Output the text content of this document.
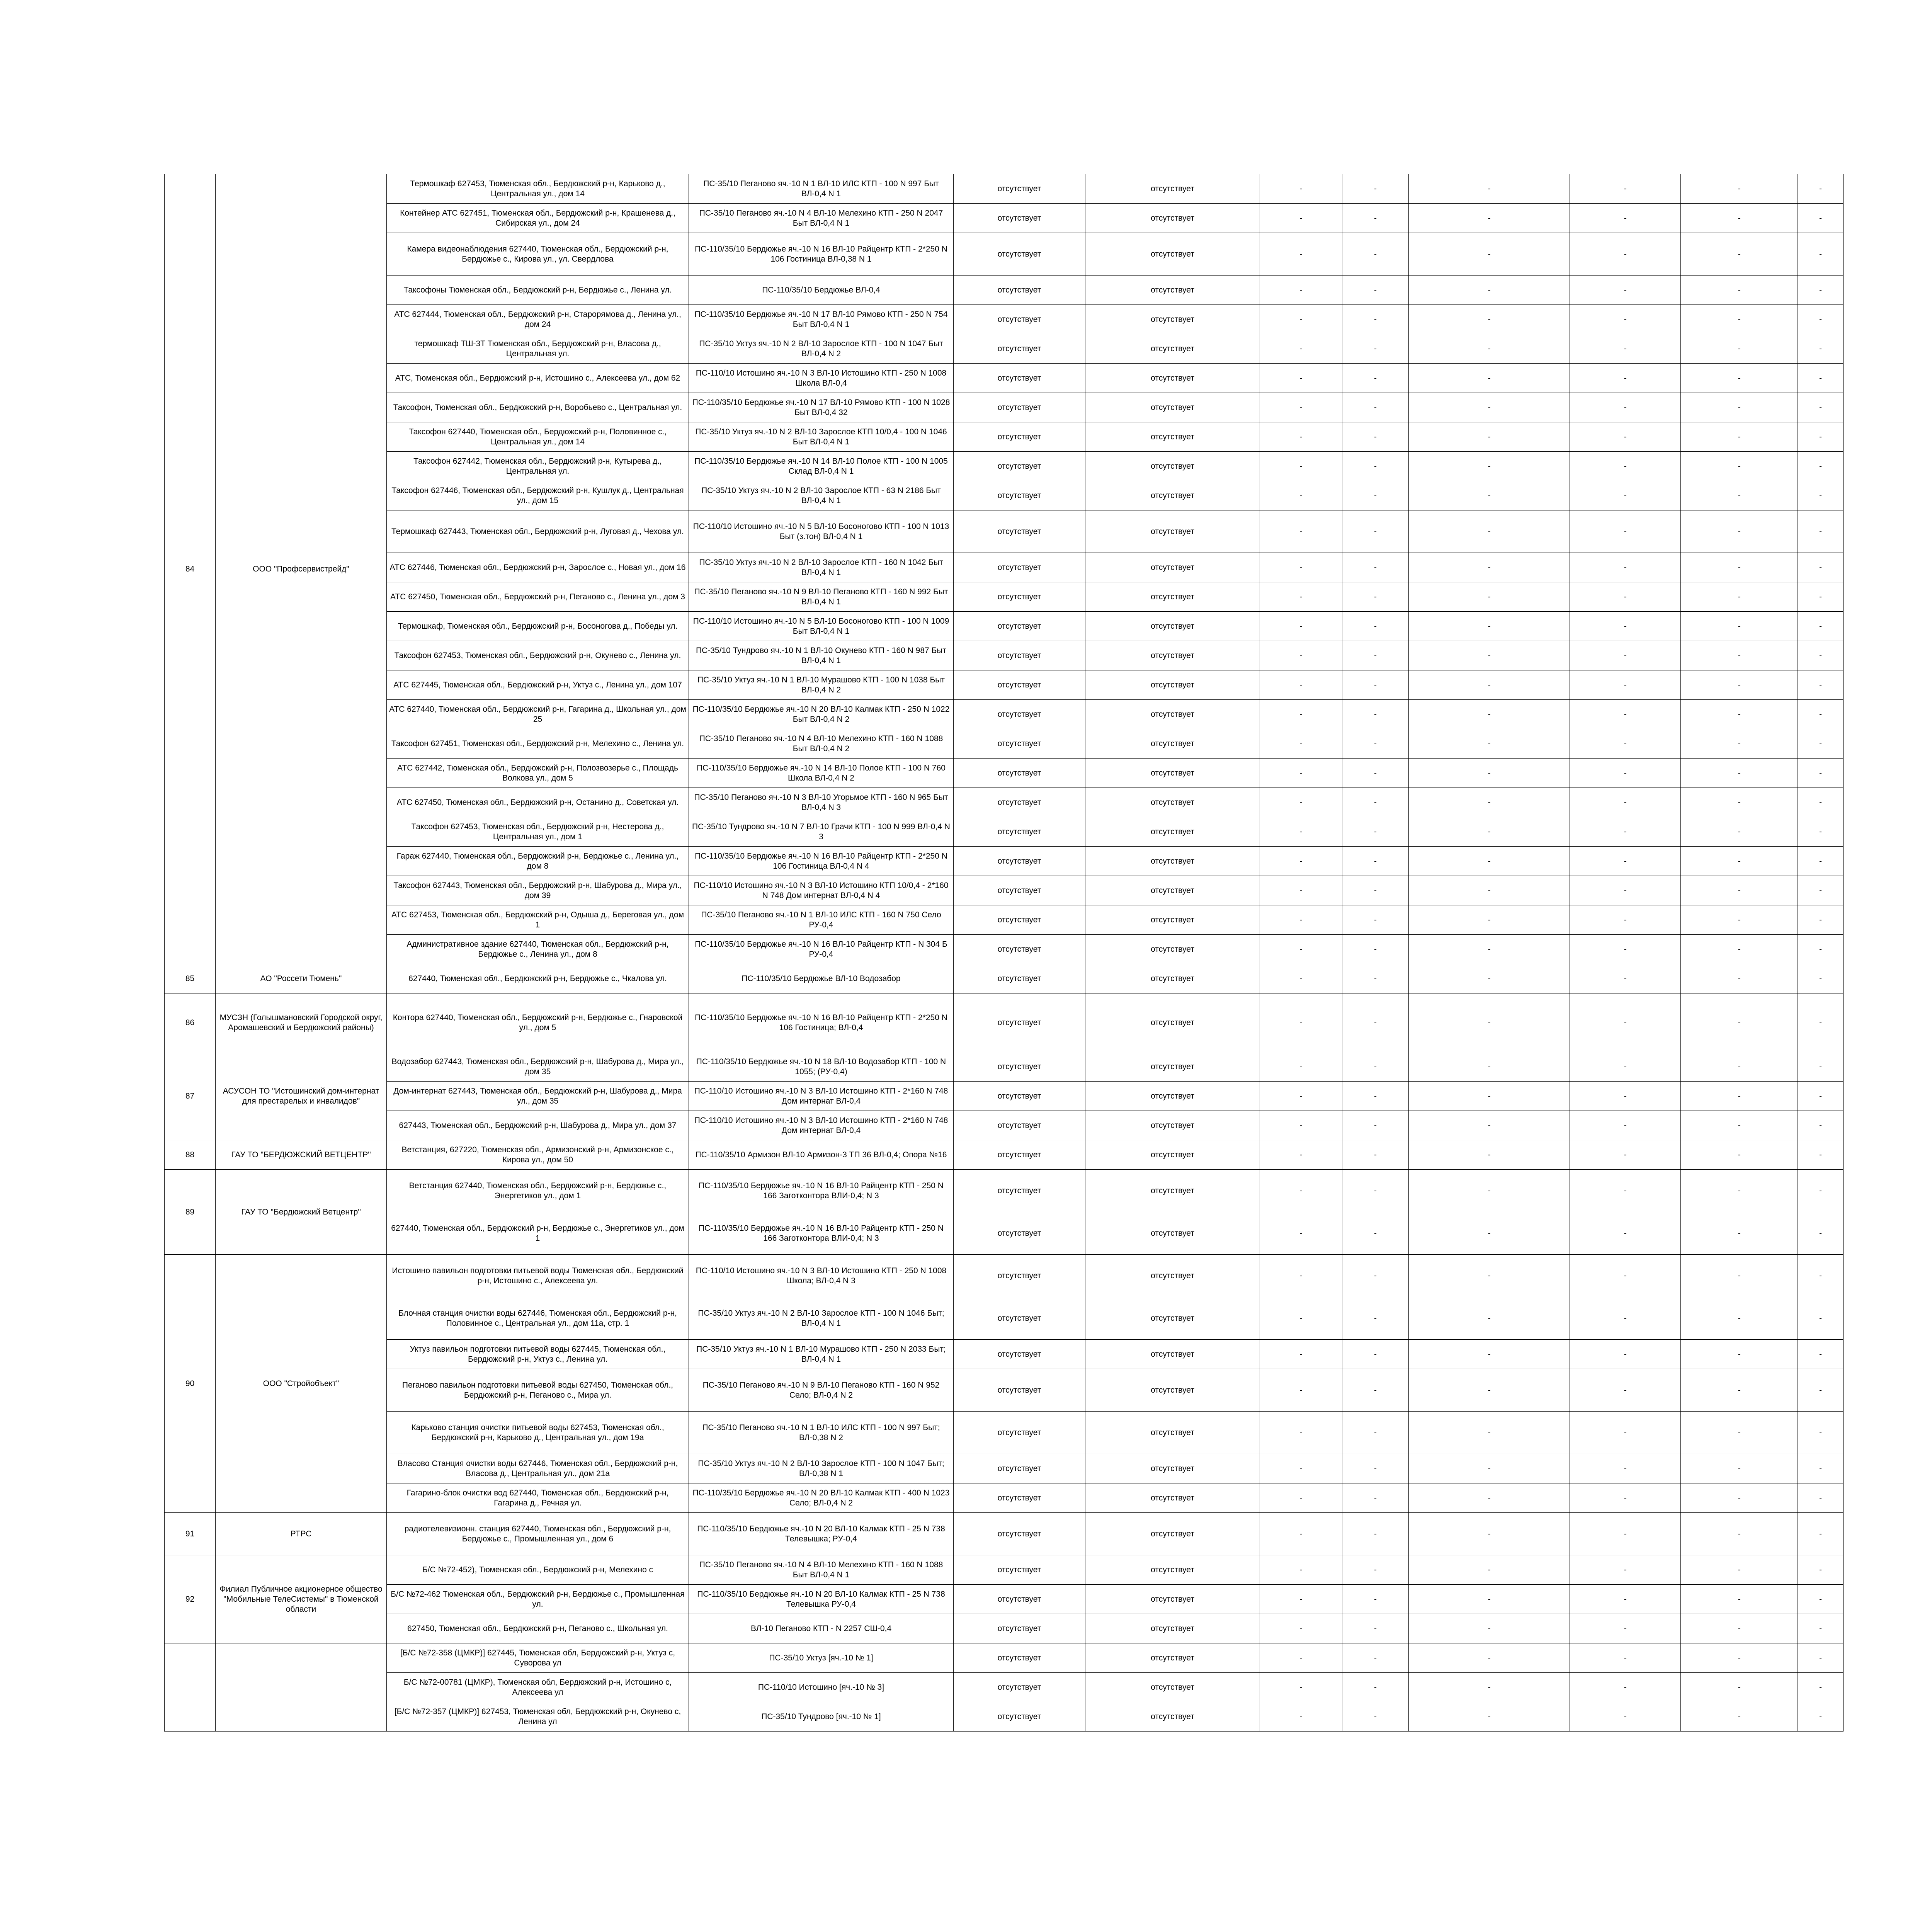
84	ООО "Профсервистрейд"	Термошкаф 627453, Тюменская обл., Бердюжский р-н, Карьково д., Центральная ул., дом 14	ПС-35/10 Пеганово яч.-10 N 1 ВЛ-10 ИЛС КТП - 100 N 997 Быт ВЛ-0,4 N 1	отсутствует	отсутствует	-	-	-	-	-	-
		Контейнер АТС 627451, Тюменская обл., Бердюжский р-н, Крашенева д., Сибирская ул., дом 24	ПС-35/10 Пеганово яч.-10 N 4 ВЛ-10 Мелехино КТП - 250 N 2047 Быт ВЛ-0,4 N 1	отсутствует	отсутствует	-	-	-	-	-	-
		Камера видеонаблюдения 627440, Тюменская обл., Бердюжский р-н, Бердюжье с., Кирова ул., ул. Свердлова	ПС-110/35/10 Бердюжье яч.-10 N 16 ВЛ-10 Райцентр КТП - 2*250 N 106 Гостиница ВЛ-0,38 N 1	отсутствует	отсутствует	-	-	-	-	-	-
		Таксофоны Тюменская обл., Бердюжский р-н, Бердюжье с., Ленина ул.	ПС-110/35/10 Бердюжье ВЛ-0,4	отсутствует	отсутствует	-	-	-	-	-	-
		АТС 627444, Тюменская обл., Бердюжский р-н, Старорямова д., Ленина ул., дом 24	ПС-110/35/10 Бердюжье яч.-10 N 17 ВЛ-10 Рямово КТП - 250 N 754 Быт ВЛ-0,4 N 1	отсутствует	отсутствует	-	-	-	-	-	-
		термошкаф ТШ-3Т Тюменская обл., Бердюжский р-н, Власова д., Центральная ул.	ПС-35/10 Уктуз яч.-10 N 2 ВЛ-10 Зарослое КТП - 100 N 1047 Быт ВЛ-0,4 N 2	отсутствует	отсутствует	-	-	-	-	-	-
		АТС, Тюменская обл., Бердюжский р-н, Истошино с., Алексеева ул., дом 62	ПС-110/10 Истошино яч.-10 N 3 ВЛ-10 Истошино КТП - 250 N 1008 Школа ВЛ-0,4	отсутствует	отсутствует	-	-	-	-	-	-
		Таксофон, Тюменская обл., Бердюжский р-н, Воробьево с., Центральная ул.	ПС-110/35/10 Бердюжье яч.-10 N 17 ВЛ-10 Рямово КТП - 100 N 1028 Быт ВЛ-0,4 32	отсутствует	отсутствует	-	-	-	-	-	-
		Таксофон 627440, Тюменская обл., Бердюжский р-н, Половинное с., Центральная ул., дом 14	ПС-35/10 Уктуз яч.-10 N 2 ВЛ-10 Зарослое КТП 10/0,4 - 100 N 1046 Быт ВЛ-0,4 N 1	отсутствует	отсутствует	-	-	-	-	-	-
		Таксофон 627442, Тюменская обл., Бердюжский р-н, Кутырева д., Центральная ул.	ПС-110/35/10 Бердюжье яч.-10 N 14 ВЛ-10 Полое КТП - 100 N 1005 Склад ВЛ-0,4 N 1	отсутствует	отсутствует	-	-	-	-	-	-
		Таксофон 627446, Тюменская обл., Бердюжский р-н, Кушлук д., Центральная ул., дом 15	ПС-35/10 Уктуз яч.-10 N 2 ВЛ-10 Зарослое КТП - 63 N 2186 Быт ВЛ-0,4 N 1	отсутствует	отсутствует	-	-	-	-	-	-
		Термошкаф 627443, Тюменская обл., Бердюжский р-н, Луговая д., Чехова ул.	ПС-110/10 Истошино яч.-10 N 5 ВЛ-10 Босоногово КТП - 100 N 1013 Быт (з.тон) ВЛ-0,4 N 1	отсутствует	отсутствует	-	-	-	-	-	-
		АТС 627446, Тюменская обл., Бердюжский р-н, Зарослое с., Новая ул., дом 16	ПС-35/10 Уктуз яч.-10 N 2 ВЛ-10 Зарослое КТП - 160 N 1042 Быт ВЛ-0,4 N 1	отсутствует	отсутствует	-	-	-	-	-	-
		АТС 627450, Тюменская обл., Бердюжский р-н, Пеганово с., Ленина ул., дом 3	ПС-35/10 Пеганово яч.-10 N 9 ВЛ-10 Пеганово КТП - 160 N 992 Быт ВЛ-0,4 N 1	отсутствует	отсутствует	-	-	-	-	-	-
		Термошкаф, Тюменская обл., Бердюжский р-н, Босоногова д., Победы ул.	ПС-110/10 Истошино яч.-10 N 5 ВЛ-10 Босоногово КТП - 100 N 1009 Быт ВЛ-0,4 N 1	отсутствует	отсутствует	-	-	-	-	-	-
		Таксофон 627453, Тюменская обл., Бердюжский р-н, Окунево с., Ленина ул.	ПС-35/10 Тундрово яч.-10 N 1 ВЛ-10 Окунево КТП - 160 N 987 Быт ВЛ-0,4 N 1	отсутствует	отсутствует	-	-	-	-	-	-
		АТС 627445, Тюменская обл., Бердюжский р-н, Уктуз с., Ленина ул., дом 107	ПС-35/10 Уктуз яч.-10 N 1 ВЛ-10 Мурашово КТП - 100 N 1038 Быт ВЛ-0,4 N 2	отсутствует	отсутствует	-	-	-	-	-	-
		АТС 627440, Тюменская обл., Бердюжский р-н, Гагарина д., Школьная ул., дом 25	ПС-110/35/10 Бердюжье яч.-10 N 20 ВЛ-10 Калмак КТП - 250 N 1022 Быт ВЛ-0,4 N 2	отсутствует	отсутствует	-	-	-	-	-	-
		Таксофон 627451, Тюменская обл., Бердюжский р-н, Мелехино с., Ленина ул.	ПС-35/10 Пеганово яч.-10 N 4 ВЛ-10 Мелехино КТП - 160 N 1088 Быт ВЛ-0,4 N 2	отсутствует	отсутствует	-	-	-	-	-	-
		АТС 627442, Тюменская обл., Бердюжский р-н, Полозвозерье с., Площадь Волкова ул., дом 5	ПС-110/35/10 Бердюжье яч.-10 N 14 ВЛ-10 Полое КТП - 100 N 760 Школа ВЛ-0,4 N 2	отсутствует	отсутствует	-	-	-	-	-	-
		АТС 627450, Тюменская обл., Бердюжский р-н, Останино д., Советская ул.	ПС-35/10 Пеганово яч.-10 N 3 ВЛ-10 Угорьмое КТП - 160 N 965 Быт ВЛ-0,4 N 3	отсутствует	отсутствует	-	-	-	-	-	-
		Таксофон 627453, Тюменская обл., Бердюжский р-н, Нестерова д., Центральная ул., дом 1	ПС-35/10 Тундрово яч.-10 N 7 ВЛ-10 Грачи КТП - 100 N 999 ВЛ-0,4 N 3	отсутствует	отсутствует	-	-	-	-	-	-
		Гараж 627440, Тюменская обл., Бердюжский р-н, Бердюжье с., Ленина ул., дом 8	ПС-110/35/10 Бердюжье яч.-10 N 16 ВЛ-10 Райцентр КТП - 2*250 N 106 Гостиница ВЛ-0,4 N 4	отсутствует	отсутствует	-	-	-	-	-	-
		Таксофон 627443, Тюменская обл., Бердюжский р-н, Шабурова д., Мира ул., дом 39	ПС-110/10 Истошино яч.-10 N 3 ВЛ-10 Истошино КТП 10/0,4 - 2*160 N 748 Дом интернат ВЛ-0,4 N 4	отсутствует	отсутствует	-	-	-	-	-	-
		АТС 627453, Тюменская обл., Бердюжский р-н, Одыша д., Береговая ул., дом 1	ПС-35/10 Пеганово яч.-10 N 1 ВЛ-10 ИЛС КТП - 160 N 750 Село РУ-0,4	отсутствует	отсутствует	-	-	-	-	-	-
		Административное здание 627440, Тюменская обл., Бердюжский р-н, Бердюжье с., Ленина ул., дом 8	ПС-110/35/10 Бердюжье яч.-10 N 16 ВЛ-10 Райцентр КТП - N 304 Б РУ-0,4	отсутствует	отсутствует	-	-	-	-	-	-
85	АО "Россети Тюмень"	627440, Тюменская обл., Бердюжский р-н, Бердюжье с., Чкалова ул.	ПС-110/35/10 Бердюжье ВЛ-10 Водозабор	отсутствует	отсутствует	-	-	-	-	-	-
86	МУСЗН (Голышмановский Городской округ, Аромашевский и Бердюжский районы)	Контора 627440, Тюменская обл., Бердюжский р-н, Бердюжье с., Гнаровской ул., дом 5	ПС-110/35/10 Бердюжье яч.-10 N 16 ВЛ-10 Райцентр КТП - 2*250 N 106 Гостиница; ВЛ-0,4	отсутствует	отсутствует	-	-	-	-	-	-
87	АСУСОН ТО "Истошинский дом-интернат для престарелых и инвалидов"	Водозабор 627443, Тюменская обл., Бердюжский р-н, Шабурова д., Мира ул., дом 35	ПС-110/35/10 Бердюжье яч.-10 N 18 ВЛ-10 Водозабор КТП - 100 N 1055; (РУ-0,4)	отсутствует	отсутствует	-	-	-	-	-	-
		Дом-интернат 627443, Тюменская обл., Бердюжский р-н, Шабурова д., Мира ул., дом 35	ПС-110/10 Истошино яч.-10 N 3 ВЛ-10 Истошино КТП - 2*160 N 748 Дом интернат ВЛ-0,4	отсутствует	отсутствует	-	-	-	-	-	-
		627443, Тюменская обл., Бердюжский р-н, Шабурова д., Мира ул., дом 37	ПС-110/10 Истошино яч.-10 N 3 ВЛ-10 Истошино КТП - 2*160 N 748 Дом интернат ВЛ-0,4	отсутствует	отсутствует	-	-	-	-	-	-
88	ГАУ ТО "БЕРДЮЖСКИЙ ВЕТЦЕНТР"	Ветстанция, 627220, Тюменская обл., Армизонский р-н, Армизонское с., Кирова ул., дом 50	ПС-110/35/10 Армизон ВЛ-10 Армизон-3 ТП 36 ВЛ-0,4; Опора №16	отсутствует	отсутствует	-	-	-	-	-	-
89	ГАУ ТО "Бердюжский Ветцентр"	Ветстанция 627440, Тюменская обл., Бердюжский р-н, Бердюжье с., Энергетиков ул., дом 1	ПС-110/35/10 Бердюжье яч.-10 N 16 ВЛ-10 Райцентр КТП - 250 N 166 Заготконтора ВЛИ-0,4; N 3	отсутствует	отсутствует	-	-	-	-	-	-
		627440, Тюменская обл., Бердюжский р-н, Бердюжье с., Энергетиков ул., дом 1	ПС-110/35/10 Бердюжье яч.-10 N 16 ВЛ-10 Райцентр КТП - 250 N 166 Заготконтора ВЛИ-0,4; N 3	отсутствует	отсутствует	-	-	-	-	-	-
90	ООО "Стройобъект"	Истошино павильон подготовки питьевой воды Тюменская обл., Бердюжский р-н, Истошино с., Алексеева ул.	ПС-110/10 Истошино яч.-10 N 3 ВЛ-10 Истошино КТП - 250 N 1008 Школа; ВЛ-0,4 N 3	отсутствует	отсутствует	-	-	-	-	-	-
		Блочная станция очистки воды 627446, Тюменская обл., Бердюжский р-н, Половинное с., Центральная ул., дом 11а, стр. 1	ПС-35/10 Уктуз яч.-10 N 2 ВЛ-10 Зарослое КТП - 100 N 1046 Быт; ВЛ-0,4 N 1	отсутствует	отсутствует	-	-	-	-	-	-
		Уктуз павильон подготовки питьевой воды 627445, Тюменская обл., Бердюжский р-н, Уктуз с., Ленина ул.	ПС-35/10 Уктуз яч.-10 N 1 ВЛ-10 Мурашово КТП - 250 N 2033 Быт; ВЛ-0,4 N 1	отсутствует	отсутствует	-	-	-	-	-	-
		Пеганово павильон подготовки питьевой воды 627450, Тюменская обл., Бердюжский р-н, Пеганово с., Мира ул.	ПС-35/10 Пеганово яч.-10 N 9 ВЛ-10 Пеганово КТП - 160 N 952 Село; ВЛ-0,4 N 2	отсутствует	отсутствует	-	-	-	-	-	-
		Карьково станция очистки питьевой воды 627453, Тюменская обл., Бердюжский р-н, Карьково д., Центральная ул., дом 19а	ПС-35/10 Пеганово яч.-10 N 1 ВЛ-10 ИЛС КТП - 100 N 997 Быт; ВЛ-0,38 N 2	отсутствует	отсутствует	-	-	-	-	-	-
		Власово Станция очистки воды 627446, Тюменская обл., Бердюжский р-н, Власова д., Центральная ул., дом 21а	ПС-35/10 Уктуз яч.-10 N 2 ВЛ-10 Зарослое КТП - 100 N 1047 Быт; ВЛ-0,38 N 1	отсутствует	отсутствует	-	-	-	-	-	-
		Гагарино-блок очистки вод 627440, Тюменская обл., Бердюжский р-н, Гагарина д., Речная ул.	ПС-110/35/10 Бердюжье яч.-10 N 20 ВЛ-10 Калмак КТП - 400 N 1023 Село; ВЛ-0,4 N 2	отсутствует	отсутствует	-	-	-	-	-	-
91	РТРС	радиотелевизионн. станция 627440, Тюменская обл., Бердюжский р-н, Бердюжье с., Промышленная ул., дом 6	ПС-110/35/10 Бердюжье яч.-10 N 20 ВЛ-10 Калмак КТП - 25 N 738 Телевышка; РУ-0,4	отсутствует	отсутствует	-	-	-	-	-	-
92	Филиал Публичное акционерное общество "Мобильные ТелеСистемы" в Тюменской области	Б/С №72-452), Тюменская обл., Бердюжский р-н, Мелехино с	ПС-35/10 Пеганово яч.-10 N 4 ВЛ-10 Мелехино КТП - 160 N 1088 Быт ВЛ-0,4 N 1	отсутствует	отсутствует	-	-	-	-	-	-
		Б/С №72-462 Тюменская обл., Бердюжский р-н, Бердюжье с., Промышленная ул.	ПС-110/35/10 Бердюжье яч.-10 N 20 ВЛ-10 Калмак КТП - 25 N 738 Телевышка РУ-0,4	отсутствует	отсутствует	-	-	-	-	-	-
		627450, Тюменская обл., Бердюжский р-н, Пеганово с., Школьная ул.	ВЛ-10 Пеганово КТП - N 2257 СШ-0,4	отсутствует	отсутствует	-	-	-	-	-	-
		[Б/С №72-358 (ЦМКР)] 627445, Тюменская обл, Бердюжский р-н, Уктуз с, Суворова ул	ПС-35/10 Уктуз [яч.-10 № 1]	отсутствует	отсутствует	-	-	-	-	-	-
		Б/С №72-00781 (ЦМКР), Тюменская обл, Бердюжский р-н, Истошино с, Алексеева ул	ПС-110/10 Истошино [яч.-10 № 3]	отсутствует	отсутствует	-	-	-	-	-	-
		[Б/С №72-357 (ЦМКР)] 627453, Тюменская обл, Бердюжский р-н, Окунево с, Ленина ул	ПС-35/10 Тундрово [яч.-10 № 1]	отсутствует	отсутствует	-	-	-	-	-	-
